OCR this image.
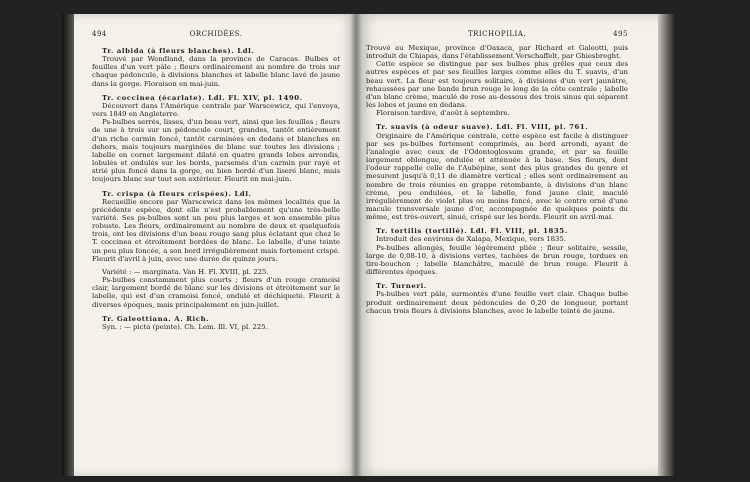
494	ORCHIDÉES.

Tr. albida (à fleurs blanches). Ldl.

Trouvé par Wendland, dans la province de Caracas. Bulbes et feuilles d'un vert pâle ; fleurs ordinairement au nombre de trois sur chaque pédoncule, à divisions blanches et labelle blanc lavé de jaune dans la gorge. Floraison en mai-juin.

Tr. coccinea (écarlate). Ldl. Fl. XIV, pl. 1490.

Découvert dans l'Amérique centrale par Warscewicz, qui l'envoya, vers 1849 en Angleterre.

Ps-bulbes serrés, lisses, d'un beau vert, ainsi que les feuilles ; fleurs de une à trois sur un pédoncule court, grandes, tantôt entièrement d'un riche carmin foncé, tantôt carminées en dedans et blanches en dehors, mais toujours marginées de blanc sur toutes les divisions ; labelle en cornet largement dilaté en quatre grands lobes arrondis, lobulés et ondulés sur les bords, parsemés d'un carmin pur rayé et strié plus foncé dans la gorge, ou bien bordé d'un liseré blanc, mais toujours blanc sur tout son extérieur. Fleurit en mai-juin.

Tr. crispa (à fleurs crispées). Ldl.

Recueillie encore par Warscewicz dans les mêmes localités que la précédente espèce, dont elle n'est probablement qu'une très-belle variété. Ses ps-bulbes sont un peu plus larges et son ensemble plus robuste. Les fleurs, ordinairement au nombre de deux et quelquefois trois, ont les divisions d'un beau rouge sang plus éclatant que chez le T. coccinea et étroitement bordées de blanc. Le labelle, d'une teinte un peu plus foncée, a son bord irrégulièrement mais fortement crispé. Fleurit d'avril à juin, avec une durée de quinze jours.

Variété : — marginata. Van H. Fl. XVIII, pl. 225.

Ps-bulbes constamment plus courts ; fleurs d'un rouge cramoisi clair, largement bordé de blanc sur les divisions et étroitement sur le labelle, qui est d'un cramoisi foncé, ondulé et déchiqueté. Fleurit à diverses époques, mais principalement en juin-juillet.

Tr. Galeottiana. A. Rich.

Syn. : — picta (peinte). Ch. Lem. Ill. VI, pl. 225.

TRICHOPILIA.	495

Trouvé au Mexique, province d'Oaxaca, par Richard et Galeotti, puis introduit de Chiapas, dans l'établissement Verschaffelt, par Ghiesbreght.

Cette espèce se distingue par ses bulbes plus grêles que ceux des autres espèces et par ses feuilles larges comme elles du T. suavis, d'un beau vert. La fleur est toujours solitaire, à divisions d'un vert jaunâtre, rehaussées par une bande brun rouge le long de la côte centrale ; labelle d'un blanc crème, maculé de rose au-dessous des trois sinus qui séparent les lobes et jaune en dedans.

Floraison tardive, d'août à septembre.

Tr. suavis (à odeur suave). Ldl. Fl. VIII, pl. 761.

Originaire de l'Amérique centrale, cette espèce est facile à distinguer par ses ps-bulbes fortement comprimés, au bord arrondi, ayant de l'analogie avec ceux de l'Odontoglossum grande, et par sa feuille largement oblongue, ondulée et atténuée à la base. Ses fleurs, dont l'odeur rappelle celle de l'Aubépine, sont des plus grandes du genre et mesurent jusqu'à 0,11 de diamètre vertical ; elles sont ordinairement au nombre de trois réunies en grappe retombante, à divisions d'un blanc crème, peu ondulées, et le labelle, fond jaune clair, maculé irrégulièrement de violet plus ou moins foncé, avec le centre orné d'une macule transversale jaune d'or, accompagnée de quelques points du même, est très-ouvert, sinué, crispé sur les bords. Fleurit en avril-mai.

Tr. tortilis (tortillé). Ldl. Fl. VIII, pl. 1835.

Introduit des environs de Xalapa, Mexique, vers 1835.

Ps-bulbes allongés, feuille légèrement pliée ; fleur solitaire, sessile, large de 0,08-10, à divisions vertes, tachées de brun rouge, tordues en tire-bouchon ; labelle blanchâtre, maculé de brun rouge. Fleurit à différentes époques.

Tr. Turneri.

Ps-bulbes vert pâle, surmontés d'une feuille vert clair. Chaque bulbe produit ordinairement deux pédoncules de 0,20 de longueur, portant chacun trois fleurs à divisions blanches, avec le labelle teinté de jaune.
